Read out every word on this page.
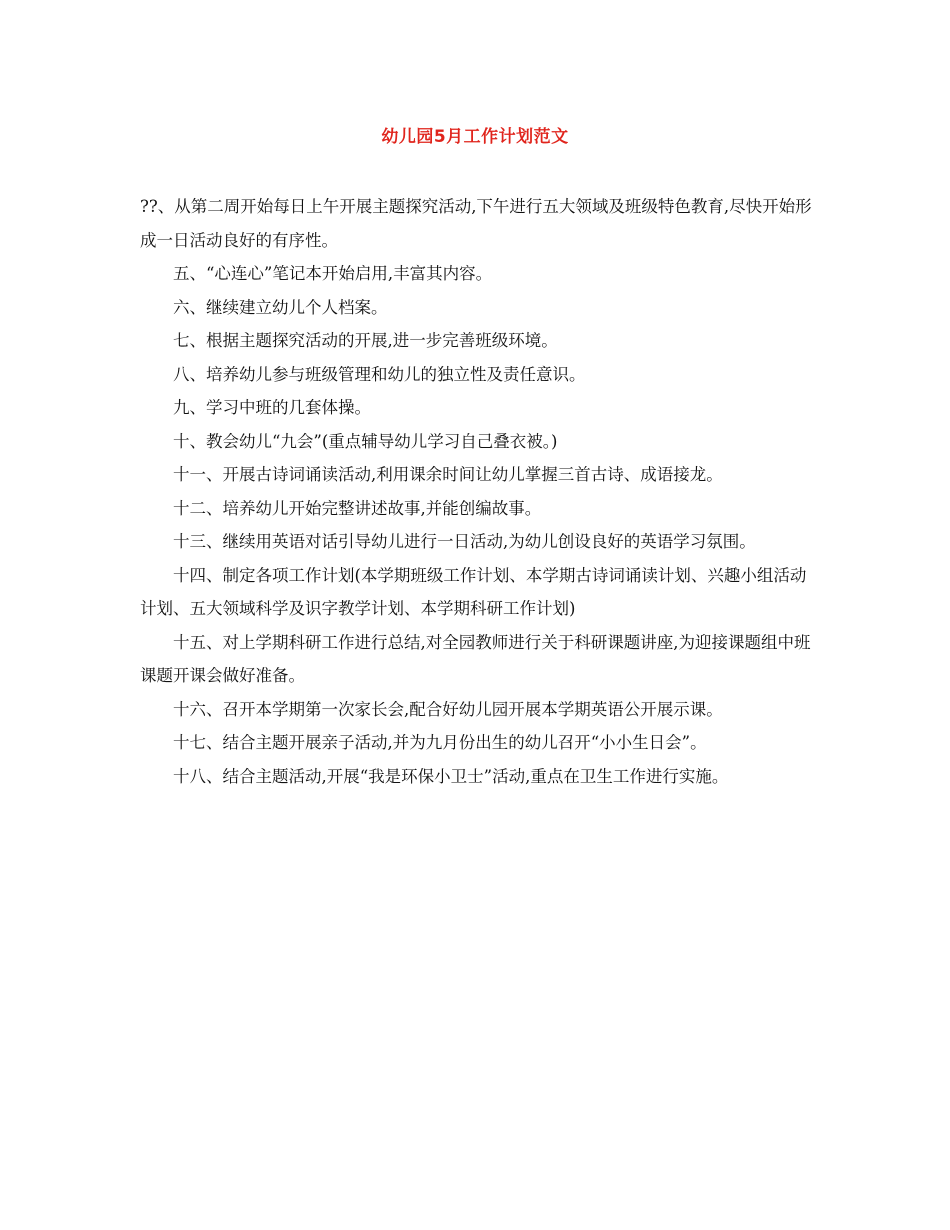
幼儿园5月工作计划范文

??、从第二周开始每日上午开展主题探究活动,下午进行五大领域及班级特色教育,尽快开始形成一日活动良好的有序性。

五、“心连心”笔记本开始启用,丰富其内容。

六、继续建立幼儿个人档案。

七、根据主题探究活动的开展,进一步完善班级环境。

八、培养幼儿参与班级管理和幼儿的独立性及责任意识。

九、学习中班的几套体操。

十、教会幼儿“九会”(重点辅导幼儿学习自己叠衣被。)

十一、开展古诗词诵读活动,利用课余时间让幼儿掌握三首古诗、成语接龙。

十二、培养幼儿开始完整讲述故事,并能创编故事。

十三、继续用英语对话引导幼儿进行一日活动,为幼儿创设良好的英语学习氛围。

十四、制定各项工作计划(本学期班级工作计划、本学期古诗词诵读计划、兴趣小组活动计划、五大领域科学及识字教学计划、本学期科研工作计划)

十五、对上学期科研工作进行总结,对全园教师进行关于科研课题讲座,为迎接课题组中班课题开课会做好准备。

十六、召开本学期第一次家长会,配合好幼儿园开展本学期英语公开展示课。

十七、结合主题开展亲子活动,并为九月份出生的幼儿召开“小小生日会”。

十八、结合主题活动,开展“我是环保小卫士”活动,重点在卫生工作进行实施。
